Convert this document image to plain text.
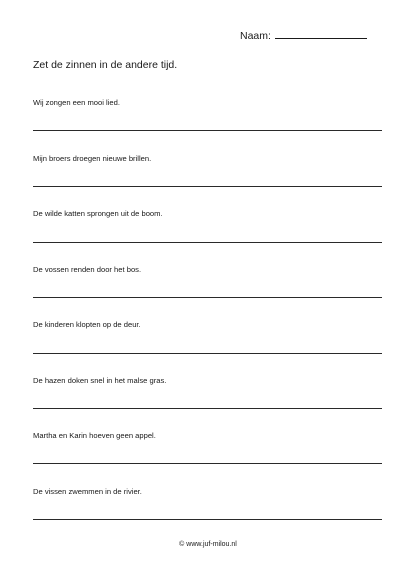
Naam:
Zet de zinnen in de andere tijd.
Wij zongen een mooi lied.
Mijn broers droegen nieuwe brillen.
De wilde katten sprongen uit de boom.
De vossen renden door het bos.
De kinderen klopten op de deur.
De hazen doken snel in het malse gras.
Martha en Karin hoeven geen appel.
De vissen zwemmen in de rivier.
© www.juf-milou.nl
